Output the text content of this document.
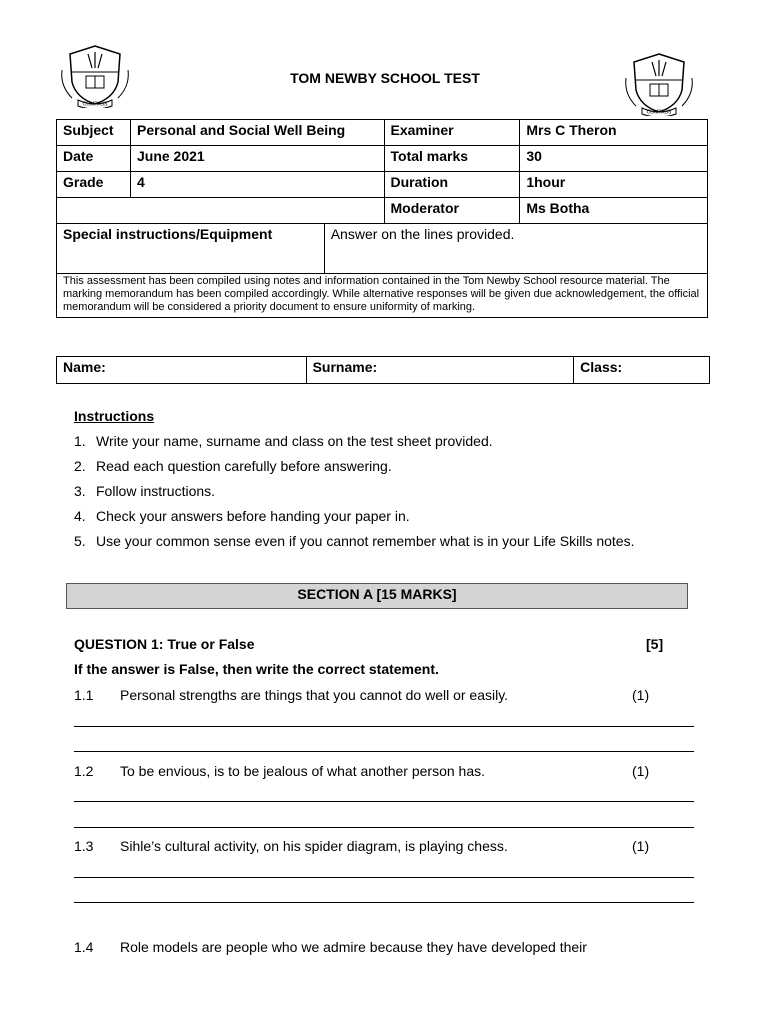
COMPASS
COMPASS
TOM NEWBY SCHOOL TEST
Subject	Personal and Social Well Being		Examiner	Mrs C Theron
Date	June 2021		Total marks	30
Grade	4		Duration	1hour
			Moderator	Ms Botha
Special instructions/Equipment		Answer on the lines provided.		
This assessment has been compiled using notes and information contained in the Tom Newby School resource material. The marking memorandum has been compiled accordingly. While alternative responses will be given due acknowledgement, the official memorandum will be considered a priority document to ensure uniformity of marking.				
Name:	Surname:	Class:
Instructions
1. Write your name, surname and class on the test sheet provided.
2. Read each question carefully before answering.
3. Follow instructions.
4. Check your answers before handing your paper in.
5. Use your common sense even if you cannot remember what is in your Life Skills notes.
SECTION A [15 MARKS]
QUESTION 1: True or False	[5]
If the answer is False, then write the correct statement.
1.1 Personal strengths are things that you cannot do well or easily.	(1)
1.2 To be envious, is to be jealous of what another person has.	(1)
1.3 Sihle’s cultural activity, on his spider diagram, is playing chess.	(1)
1.4 Role models are people who we admire because they have developed their
